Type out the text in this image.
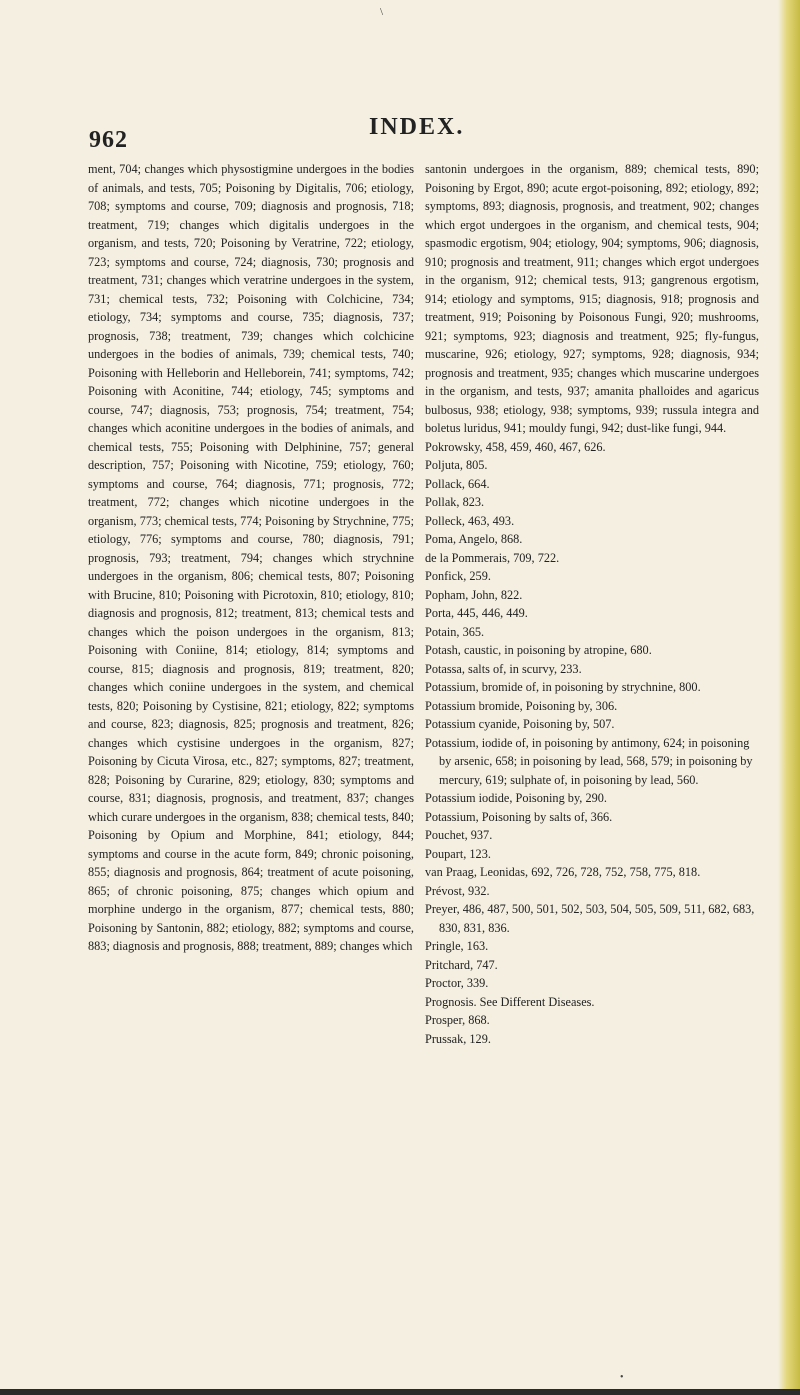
\
962	INDEX.

ment, 704; changes which physostigmine undergoes in the bodies of animals, and tests, 705; Poisoning by Digitalis, 706; etiology, 708; symptoms and course, 709; diagnosis and prognosis, 718; treatment, 719; changes which digitalis undergoes in the organism, and tests, 720; Poisoning by Veratrine, 722; etiology, 723; symptoms and course, 724; diagnosis, 730; prognosis and treatment, 731; changes which veratrine undergoes in the system, 731; chemical tests, 732; Poisoning with Colchicine, 734; etiology, 734; symptoms and course, 735; diagnosis, 737; prognosis, 738; treatment, 739; changes which colchicine undergoes in the bodies of animals, 739; chemical tests, 740; Poisoning with Helleborin and Helleborein, 741; symptoms, 742; Poisoning with Aconitine, 744; etiology, 745; symptoms and course, 747; diagnosis, 753; prognosis, 754; treatment, 754; changes which aconitine undergoes in the bodies of animals, and chemical tests, 755; Poisoning with Delphinine, 757; general description, 757; Poisoning with Nicotine, 759; etiology, 760; symptoms and course, 764; diagnosis, 771; prognosis, 772; treatment, 772; changes which nicotine undergoes in the organism, 773; chemical tests, 774; Poisoning by Strychnine, 775; etiology, 776; symptoms and course, 780; diagnosis, 791; prognosis, 793; treatment, 794; changes which strychnine undergoes in the organism, 806; chemical tests, 807; Poisoning with Brucine, 810; Poisoning with Picrotoxin, 810; etiology, 810; diagnosis and prognosis, 812; treatment, 813; chemical tests and changes which the poison undergoes in the organism, 813; Poisoning with Coniine, 814; etiology, 814; symptoms and course, 815; diagnosis and prognosis, 819; treatment, 820; changes which coniine undergoes in the system, and chemical tests, 820; Poisoning by Cystisine, 821; etiology, 822; symptoms and course, 823; diagnosis, 825; prognosis and treatment, 826; changes which cystisine undergoes in the organism, 827; Poisoning by Cicuta Virosa, etc., 827; symptoms, 827; treatment, 828; Poisoning by Curarine, 829; etiology, 830; symptoms and course, 831; diagnosis, prognosis, and treatment, 837; changes which curare undergoes in the organism, 838; chemical tests, 840; Poisoning by Opium and Morphine, 841; etiology, 844; symptoms and course in the acute form, 849; chronic poisoning, 855; diagnosis and prognosis, 864; treatment of acute poisoning, 865; of chronic poisoning, 875; changes which opium and morphine undergo in the organism, 877; chemical tests, 880; Poisoning by Santonin, 882; etiology, 882; symptoms and course, 883; diagnosis and prognosis, 888; treatment, 889; changes which

santonin undergoes in the organism, 889; chemical tests, 890; Poisoning by Ergot, 890; acute ergot-poisoning, 892; etiology, 892; symptoms, 893; diagnosis, prognosis, and treatment, 902; changes which ergot undergoes in the organism, and chemical tests, 904; spasmodic ergotism, 904; etiology, 904; symptoms, 906; diagnosis, 910; prognosis and treatment, 911; changes which ergot undergoes in the organism, 912; chemical tests, 913; gangrenous ergotism, 914; etiology and symptoms, 915; diagnosis, 918; prognosis and treatment, 919; Poisoning by Poisonous Fungi, 920; mushrooms, 921; symptoms, 923; diagnosis and treatment, 925; fly-fungus, muscarine, 926; etiology, 927; symptoms, 928; diagnosis, 934; prognosis and treatment, 935; changes which muscarine undergoes in the organism, and tests, 937; amanita phalloides and agaricus bulbosus, 938; etiology, 938; symptoms, 939; russula integra and boletus luridus, 941; mouldy fungi, 942; dust-like fungi, 944.

Pokrowsky, 458, 459, 460, 467, 626.

Poljuta, 805.

Pollack, 664.

Pollak, 823.

Polleck, 463, 493.

Poma, Angelo, 868.

de la Pommerais, 709, 722.

Ponfick, 259.

Popham, John, 822.

Porta, 445, 446, 449.

Potain, 365.

Potash, caustic, in poisoning by atropine, 680.

Potassa, salts of, in scurvy, 233.

Potassium, bromide of, in poisoning by strychnine, 800.

Potassium bromide, Poisoning by, 306.

Potassium cyanide, Poisoning by, 507.

Potassium, iodide of, in poisoning by antimony, 624; in poisoning by arsenic, 658; in poisoning by lead, 568, 579; in poisoning by mercury, 619; sulphate of, in poisoning by lead, 560.

Potassium iodide, Poisoning by, 290.

Potassium, Poisoning by salts of, 366.

Pouchet, 937.

Poupart, 123.

van Praag, Leonidas, 692, 726, 728, 752, 758, 775, 818.

Prévost, 932.

Preyer, 486, 487, 500, 501, 502, 503, 504, 505, 509, 511, 682, 683, 830, 831, 836.

Pringle, 163.

Pritchard, 747.

Proctor, 339.

Prognosis. See Different Diseases.

Prosper, 868.

Prussak, 129.

•
